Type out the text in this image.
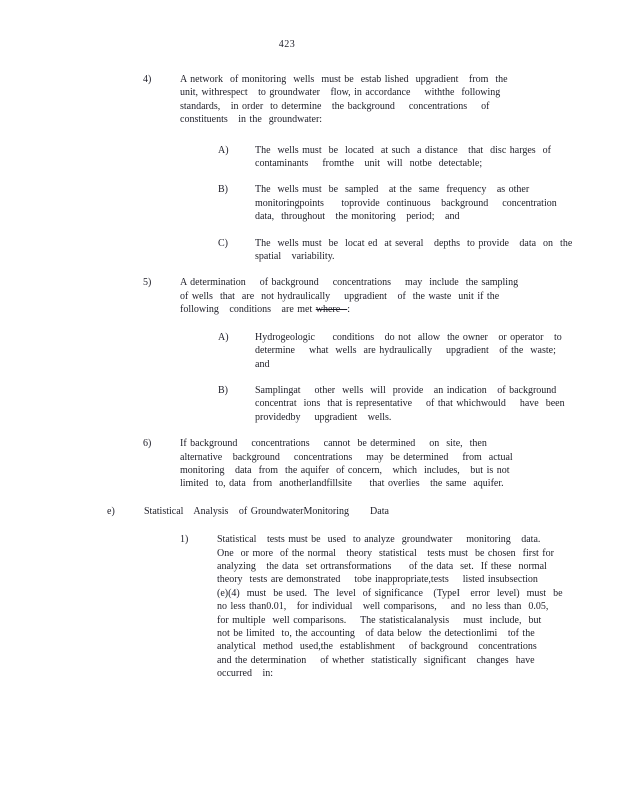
423
4)	A network  of monitoring  wells  must be  estab lished  upgradient   from  the
unit, withrespect   to groundwater   flow, in accordance    withthe  following
standards,   in order  to determine   the background    concentrations    of
constituents   in the  groundwater:
A)	The  wells must  be  located  at such  a distance   that  disc harges  of
contaminants    fromthe   unit  will  notbe  detectable;
B)	The  wells must  be  sampled   at the  same  frequency   as other
monitoringpoints     toprovide  continuous   background    concentration
data,  throughout   the monitoring   period;   and
C)	The  wells must  be  locat ed  at several   depths  to provide   data  on  the
spatial   variability.
5)	A determination    of background    concentrations    may  include  the sampling
of wells  that  are  not hydraulically    upgradient   of  the waste  unit if the
following   conditions   are met where  :
A)	Hydrogeologic     conditions   do not  allow  the owner   or operator   to
determine    what  wells  are hydraulically    upgradient   of the  waste;
and
B)	Samplingat    other  wells  will  provide   an indication   of background
concentrat  ions  that is representative    of that whichwould    have  been
providedby    upgradient   wells.
6)	If background    concentrations    cannot  be determined    on  site,  then
alternative   background    concentrations    may  be determined    from  actual
monitoring   data  from  the aquifer  of concern,   which  includes,   but is not
limited  to, data  from  anotherlandfillsite     that overlies   the same  aquifer.
e)	Statistical   Analysis   of GroundwaterMonitoring      Data
1)	Statistical   tests must be  used  to analyze  groundwater    monitoring   data.
One  or more  of the normal   theory  statistical   tests must  be chosen  first for
analyzing   the data  set ortransformations     of the data  set.  If these  normal
theory  tests are demonstrated    tobe inappropriate,tests    listed insubsection
(e)(4)  must  be used.  The  level  of significance   (TypeI   error  level)  must  be
no less than0.01,   for individual   well comparisons,    and  no less than  0.05,
for multiple  well comparisons.    The statisticalanalysis    must  include,  but
not be limited  to, the accounting   of data below  the detectionlimi   tof the
analytical  method  used,the  establishment    of background   concentrations
and the determination    of whether  statistically  significant   changes  have
occurred   in:
